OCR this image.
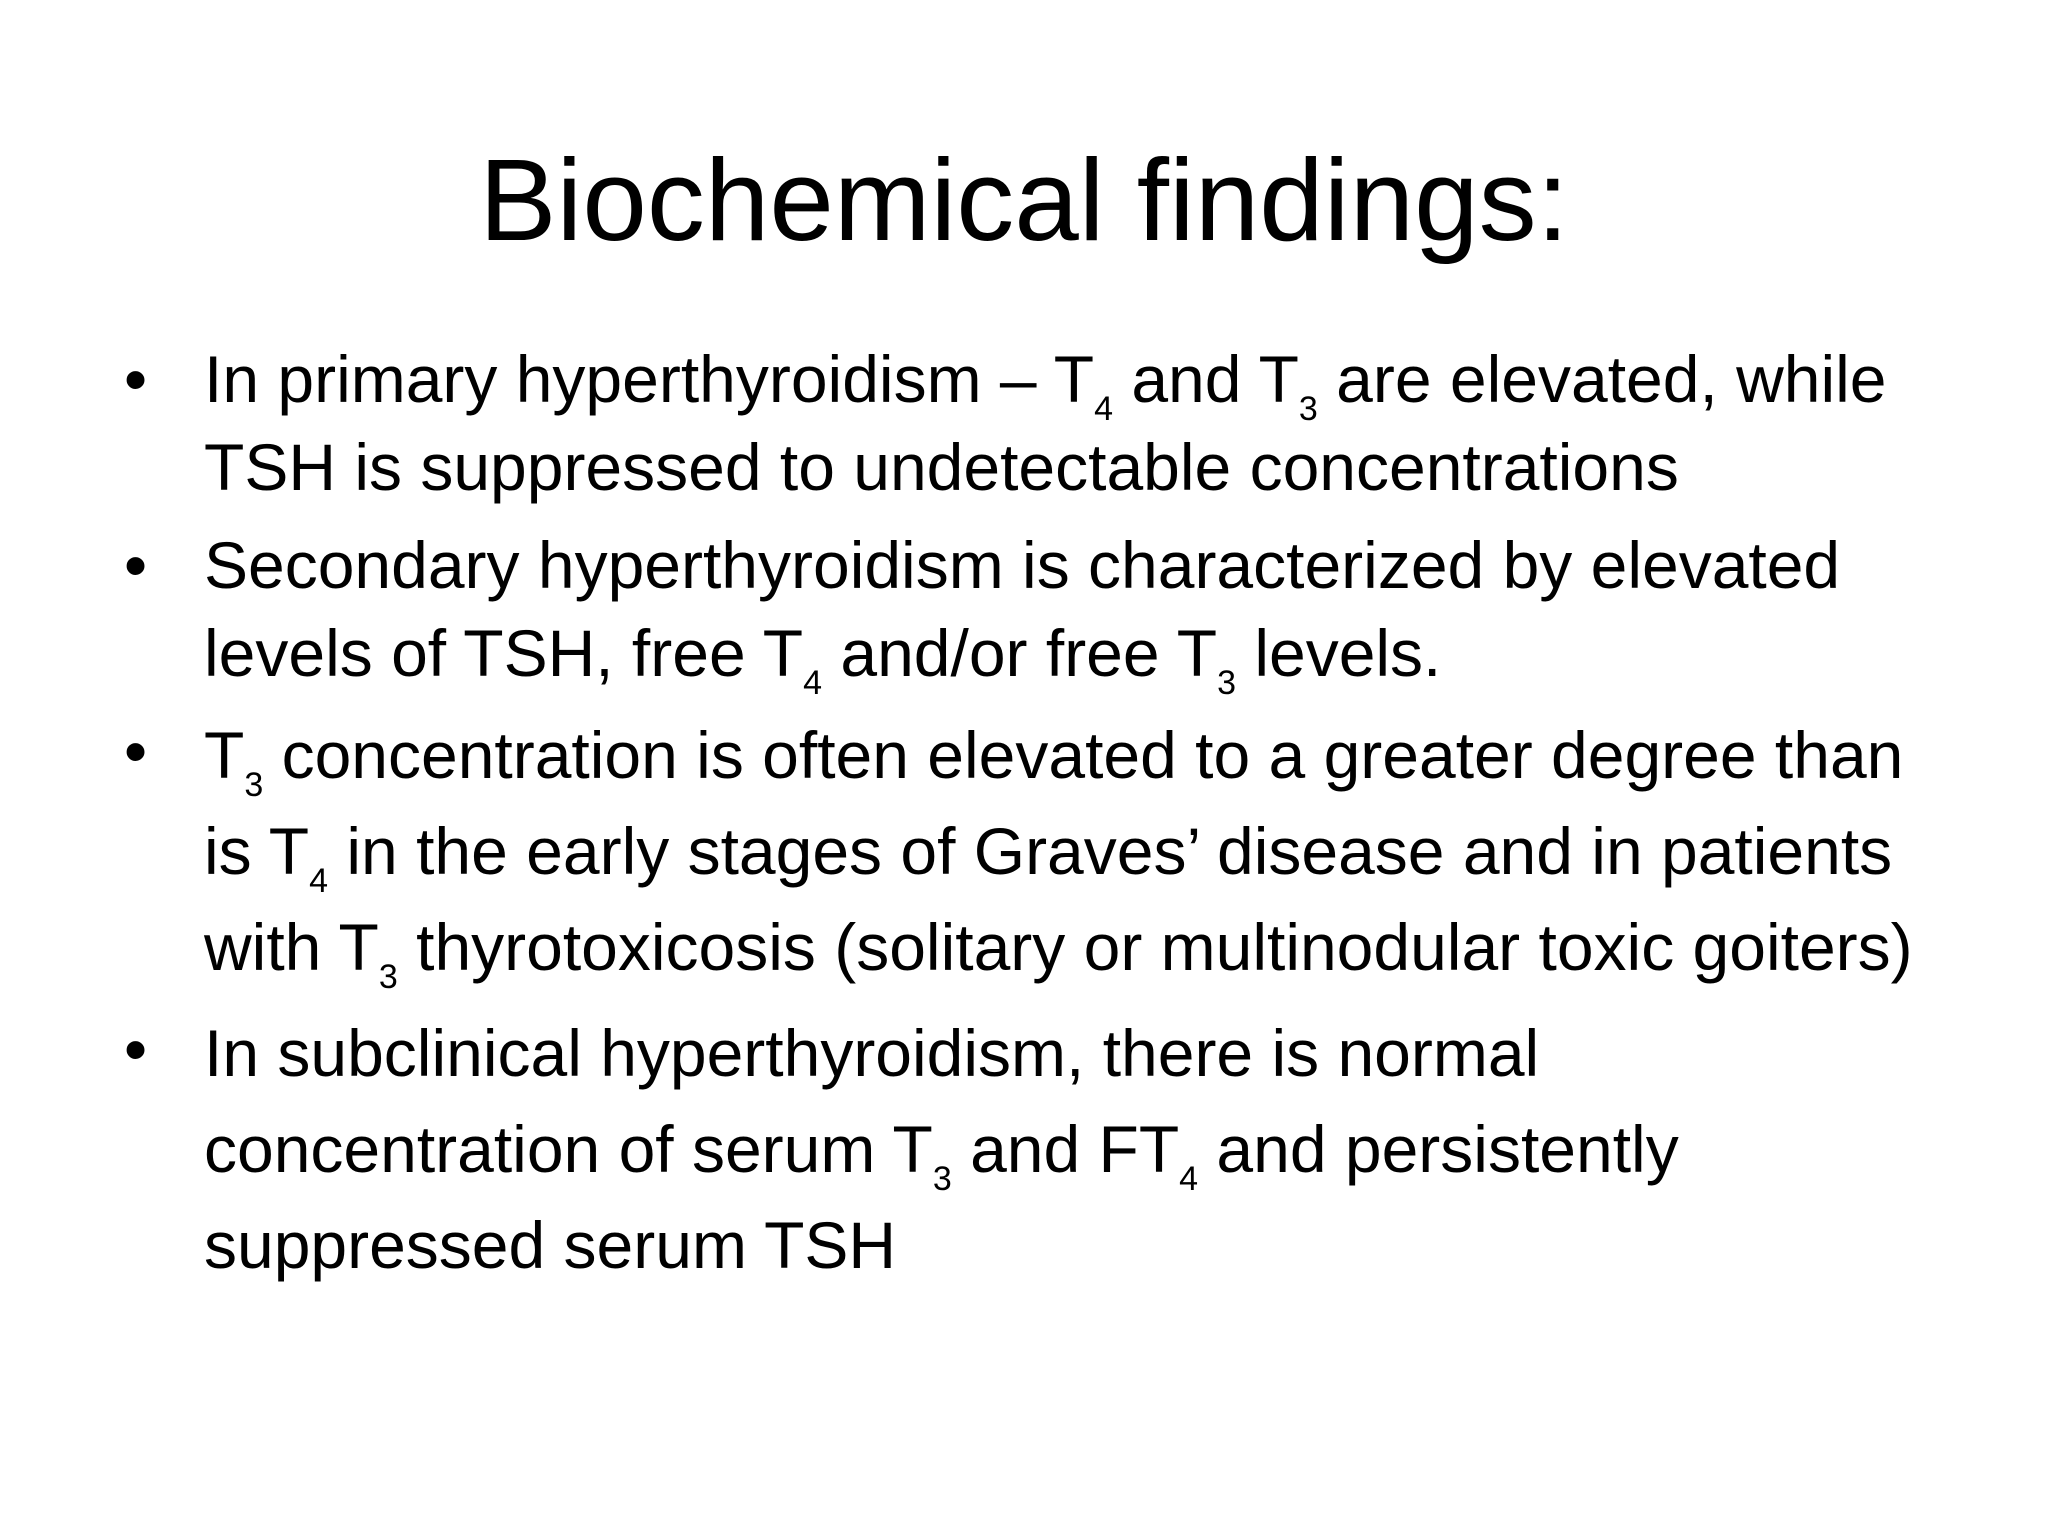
Biochemical findings:
• In primary hyperthyroidism – $T_4$ and $T_3$ are elevated, while TSH is suppressed to undetectable concentrations
• Secondary hyperthyroidism is characterized by elevated levels of TSH, free $T_4$ and/or free $T_3$ levels.
• $T_3$ concentration is often elevated to a greater degree than is $T_4$ in the early stages of Graves’ disease and in patients with $T_3$ thyrotoxicosis (solitary or multinodular toxic goiters)
• In subclinical hyperthyroidism, there is normal concentration of serum $T_3$ and $FT_4$ and persistently suppressed serum TSH
